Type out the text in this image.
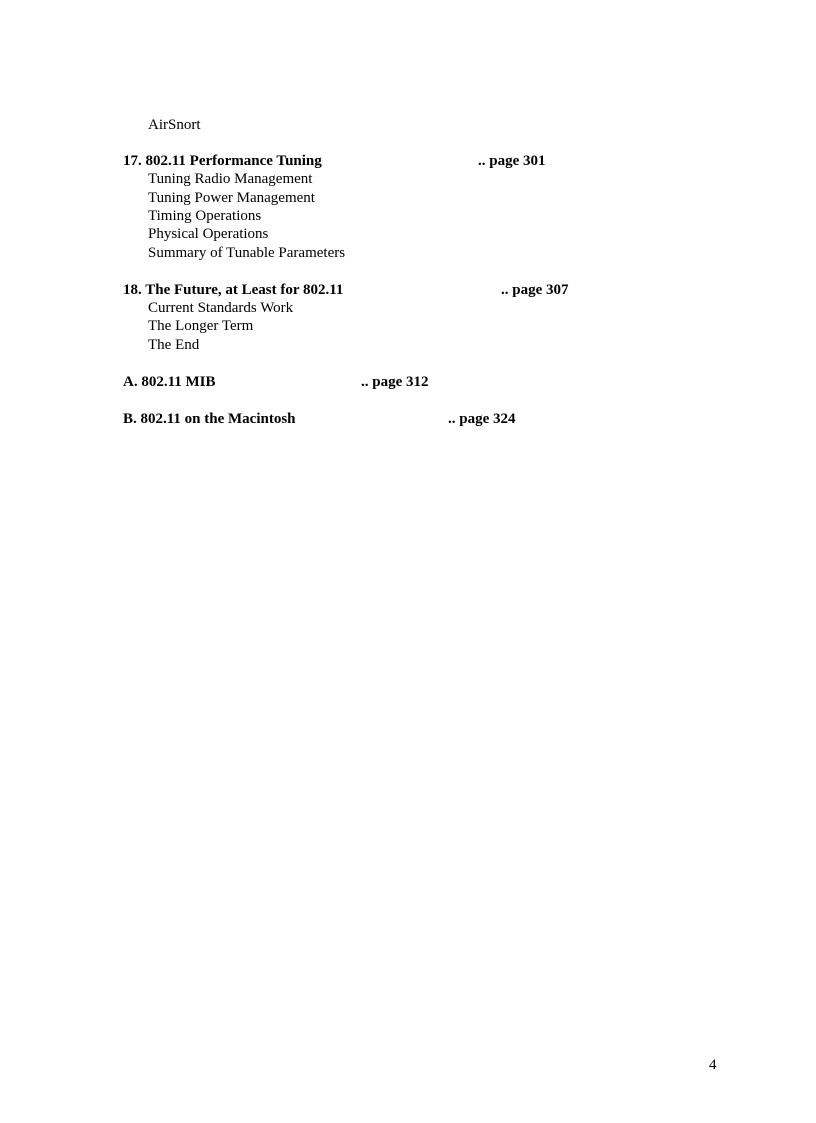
AirSnort
17. 802.11 Performance Tuning	.. page 301
Tuning Radio Management
Tuning Power Management
Timing Operations
Physical Operations
Summary of Tunable Parameters
18. The Future, at Least for 802.11	.. page 307
Current Standards Work
The Longer Term
The End
A. 802.11 MIB	.. page 312
B. 802.11 on the Macintosh	.. page 324
4
